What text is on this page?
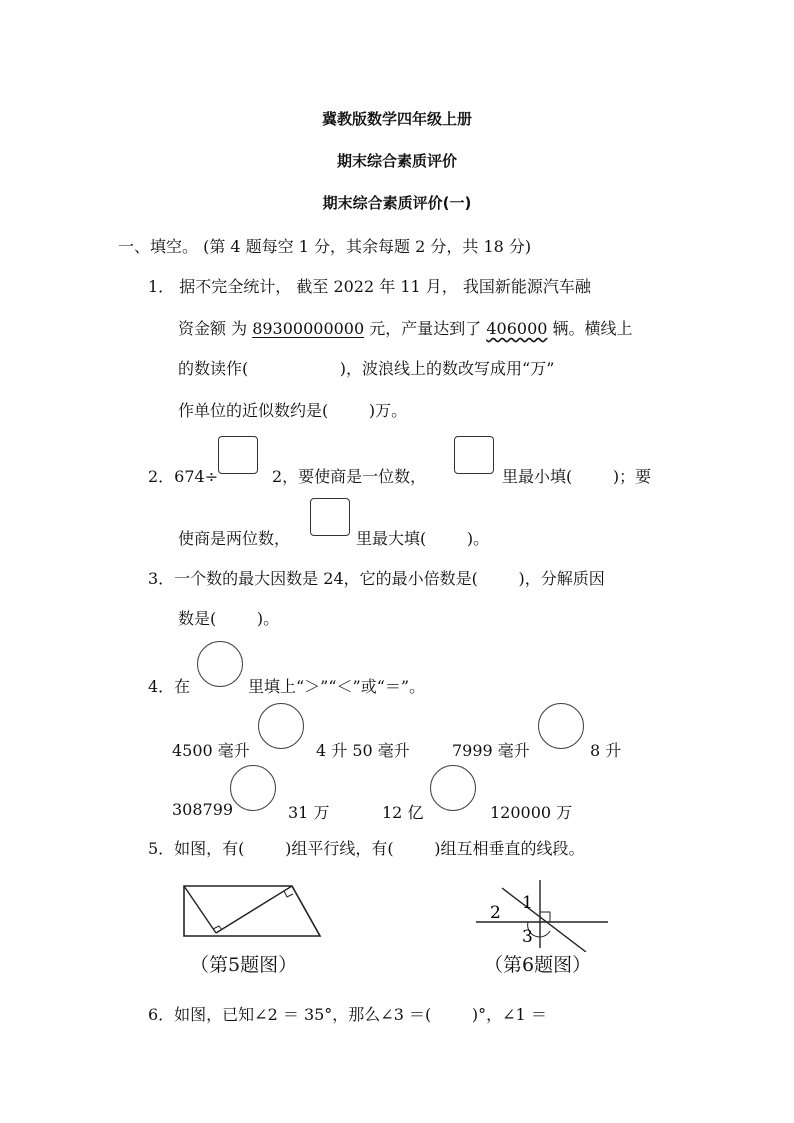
冀教版数学四年级上册
期末综合素质评价
期末综合素质评价(一)
一、填空。 (第 4 题每空 1 分，其余每题 2 分，共 18 分)
1． 据不完全统计， 截至 2022 年 11 月， 我国新能源汽车融
资金额 为 89300000000 元，产量达到了 406000 辆。横线上
的数读作(                  )，波浪线上的数改写成用“万”
作单位的近似数约是(        )万。
2．674÷	2，要使商是一位数，	里最小填(        )；要
使商是两位数，	里最大填(        )。
3．一个数的最大因数是 24，它的最小倍数是(        )，分解质因
数是(        )。
4．在	里填上“＞”“＜”或“＝”。
4500 毫升	4 升 50 毫升	7999 毫升	8 升
308799	31 万	12 亿	120000 万
5．如图，有(        )组平行线，有(        )组互相垂直的线段。
（第5题图）
1
2
3
（第6题图）
6．如图，已知∠2 ＝ 35°，那么∠3 ＝(        )°，∠1 ＝
